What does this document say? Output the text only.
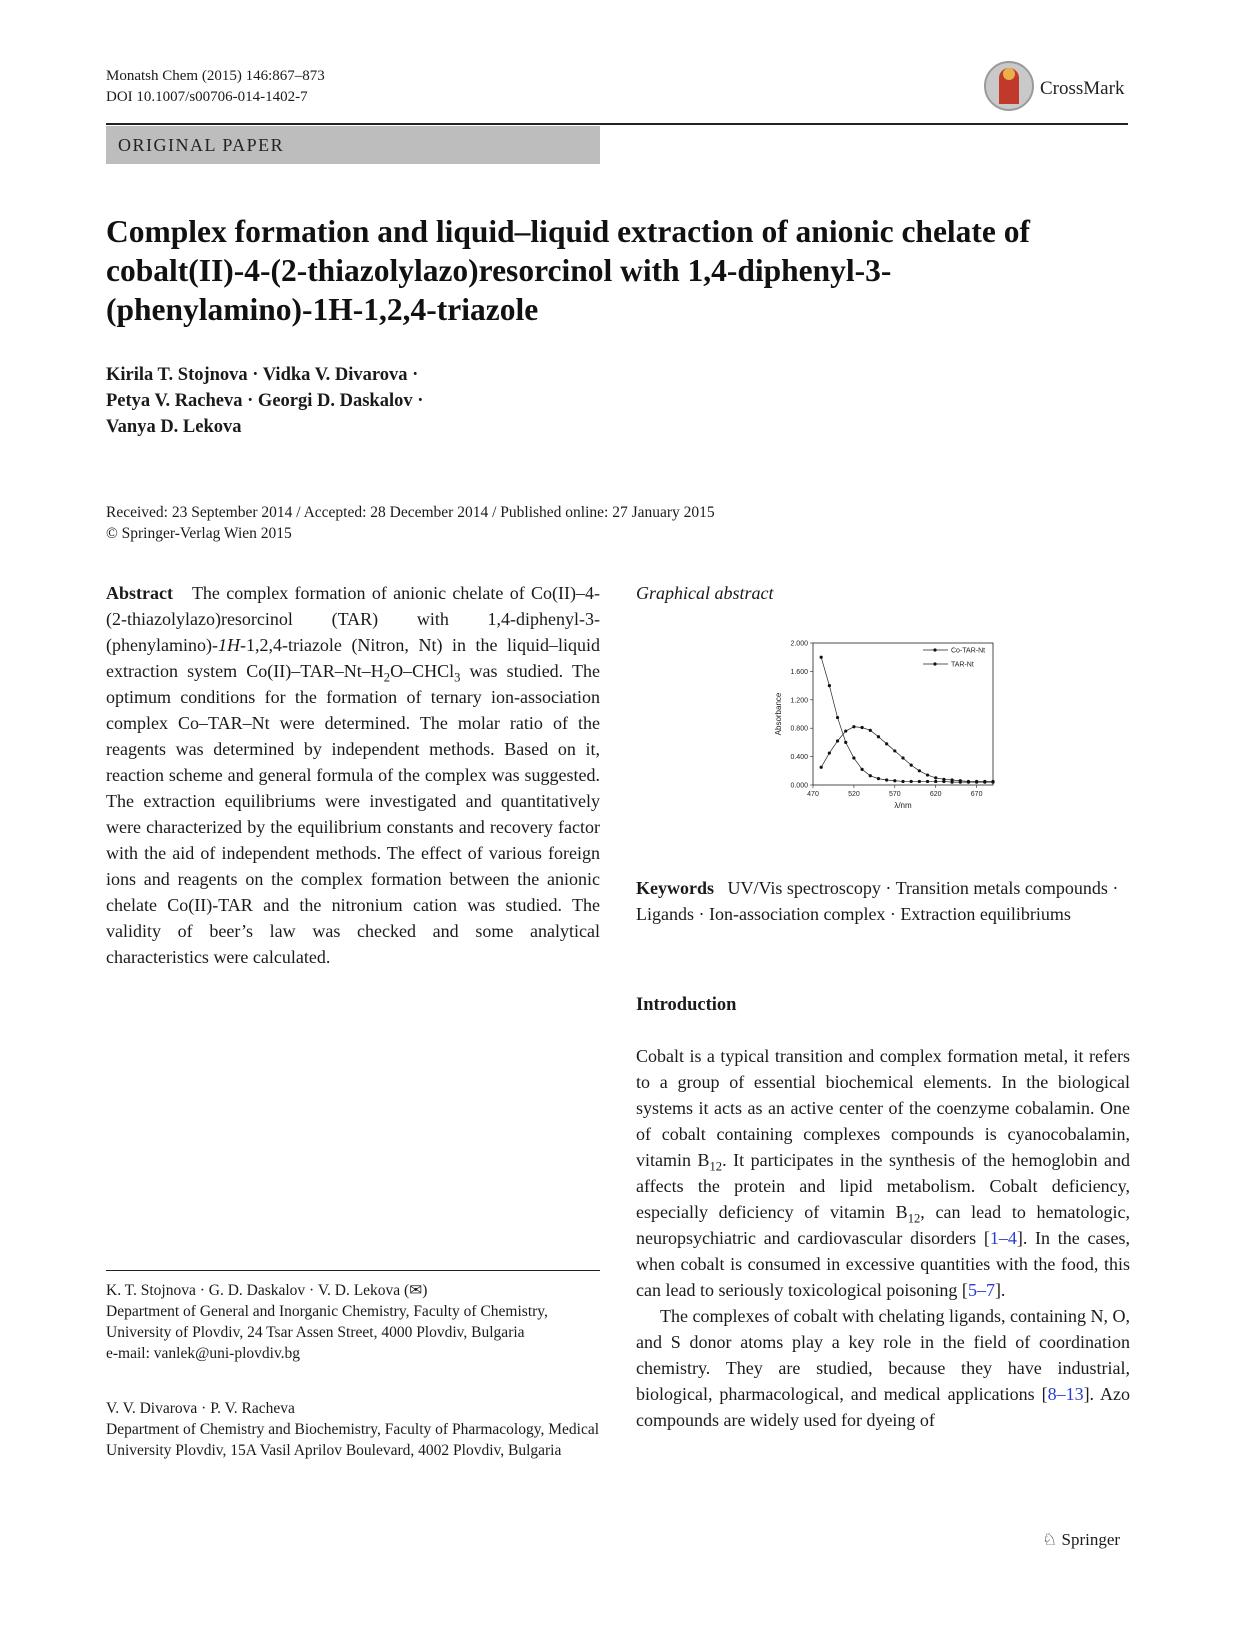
Monatsh Chem (2015) 146:867–873
DOI 10.1007/s00706-014-1402-7	CrossMark
ORIGINAL PAPER
Complex formation and liquid–liquid extraction of anionic chelate of cobalt(II)-4-(2-thiazolylazo)resorcinol with 1,4-diphenyl-3-(phenylamino)-1H-1,2,4-triazole
Kirila T. Stojnova · Vidka V. Divarova ·
Petya V. Racheva · Georgi D. Daskalov ·
Vanya D. Lekova
Received: 23 September 2014 / Accepted: 28 December 2014 / Published online: 27 January 2015
© Springer-Verlag Wien 2015

Abstract The complex formation of anionic chelate of Co(II)–4-(2-thiazolylazo)resorcinol (TAR) with 1,4-diphenyl-3-(phenylamino)-1H-1,2,4-triazole (Nitron, Nt) in the liquid–liquid extraction system $Co(II)-TAR-Nt-H_2O-CHCl_3$ was studied. The optimum conditions for the formation of ternary ion-association complex Co–TAR–Nt were determined. The molar ratio of the reagents was determined by independent methods. Based on it, reaction scheme and general formula of the complex was suggested. The extraction equilibriums were investigated and quantitatively were characterized by the equilibrium constants and recovery factor with the aid of independent methods. The effect of various foreign ions and reagents on the complex formation between the anionic chelate Co(II)-TAR and the nitronium cation was studied. The validity of beer’s law was checked and some analytical characteristics were calculated.

K. T. Stojnova · G. D. Daskalov · V. D. Lekova (✉)
Department of General and Inorganic Chemistry, Faculty of Chemistry, University of Plovdiv, 24 Tsar Assen Street, 4000 Plovdiv, Bulgaria
e-mail: vanlek@uni-plovdiv.bg
V. V. Divarova · P. V. Racheva
Department of Chemistry and Biochemistry, Faculty of Pharmacology, Medical University Plovdiv, 15A Vasil Aprilov Boulevard, 4002 Plovdiv, Bulgaria
Graphical abstract
0.000
0.400
0.800
1.200
1.600
2.000
470	520	570	620	670
λ/nm
Absorbance
Co-TAR-Nt
TAR-Nt
Keywords UV/Vis spectroscopy · Transition metals compounds · Ligands · Ion-association complex · Extraction equilibriums
Introduction

Cobalt is a typical transition and complex formation metal, it refers to a group of essential biochemical elements. In the biological systems it acts as an active center of the coenzyme cobalamin. One of cobalt containing complexes compounds is cyanocobalamin, vitamin $B_{12}$. It participates in the synthesis of the hemoglobin and affects the protein and lipid metabolism. Cobalt deficiency, especially deficiency of vitamin $B_{12}$, can lead to hematologic, neuropsychiatric and cardiovascular disorders [1–4]. In the cases, when cobalt is consumed in excessive quantities with the food, this can lead to seriously toxicological poisoning [5–7].

The complexes of cobalt with chelating ligands, containing N, O, and S donor atoms play a key role in the field of coordination chemistry. They are studied, because they have industrial, biological, pharmacological, and medical applications [8–13]. Azo compounds are widely used for dyeing of

♘ Springer
